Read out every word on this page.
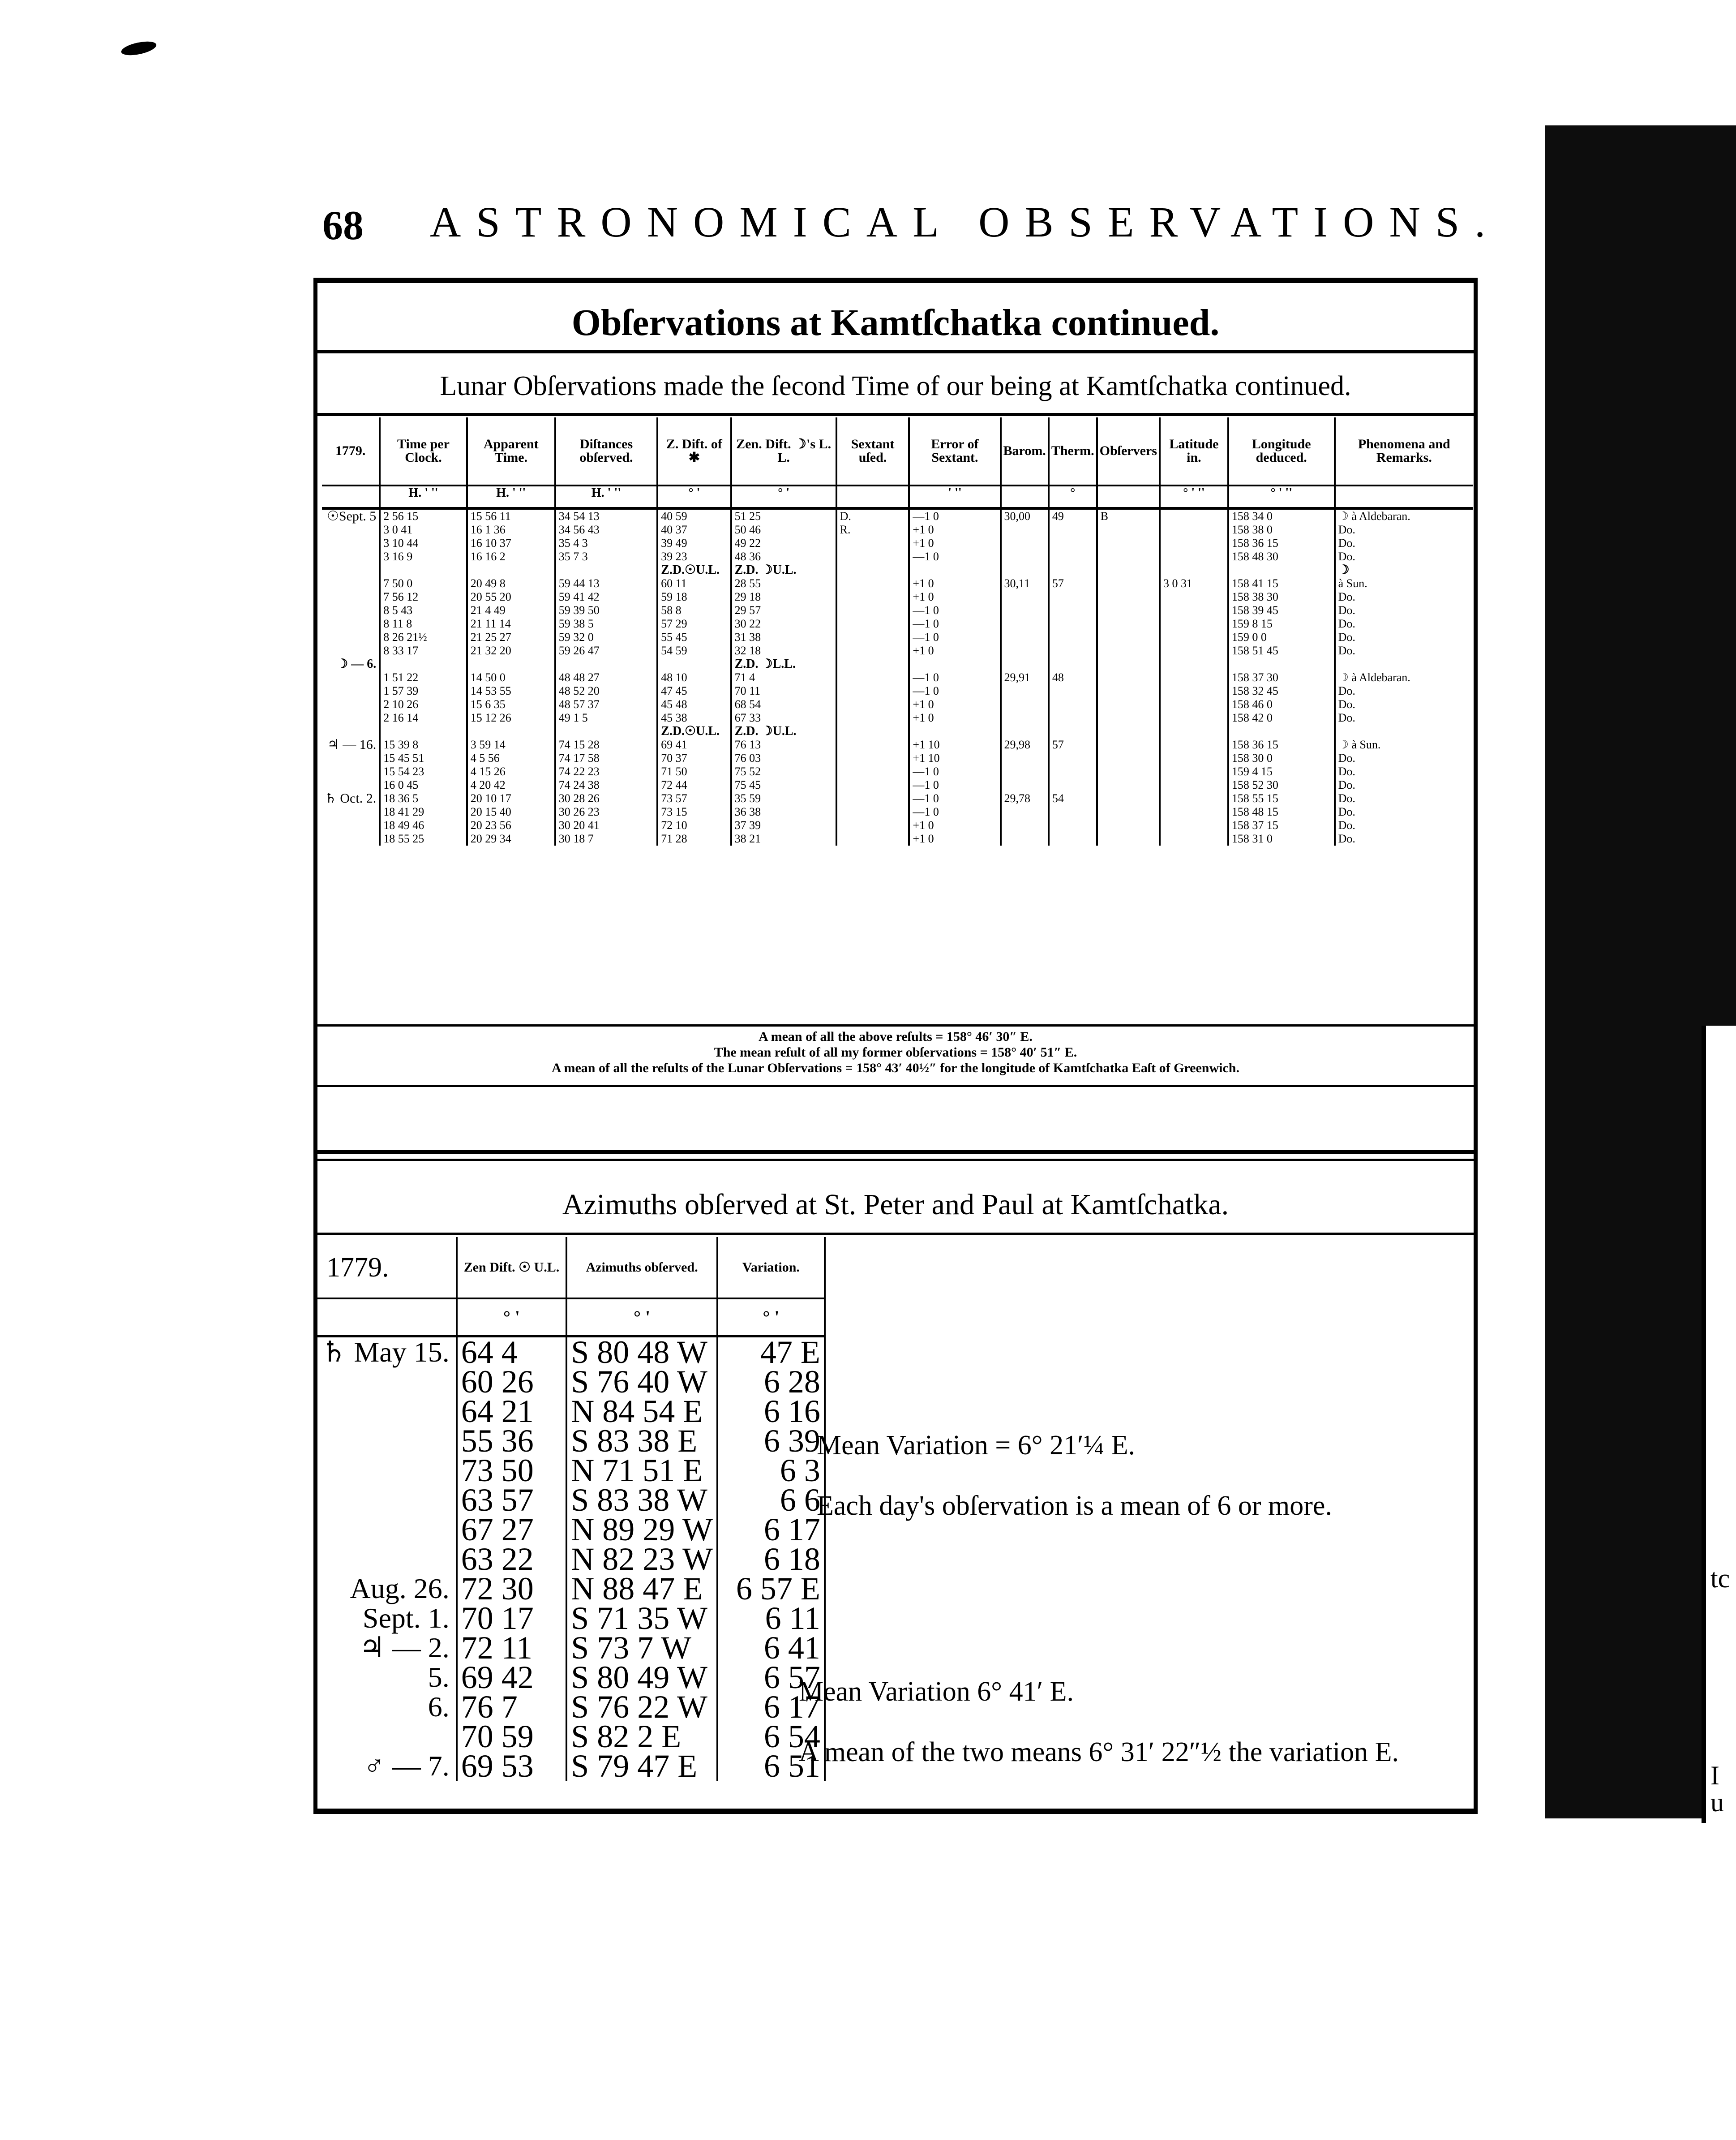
68 ASTRONOMICAL OBSERVATIONS.
tc
I
u
Obſervations at Kamtſchatka continued.
Lunar Obſervations made the ſecond Time of our being at Kamtſchatka continued.
1779.	Time per Clock.	Apparent Time.	Diſtances obſerved.	Z. Dift. of ✱	Zen. Dift. ☽'s L. L.	Sextant uſed.	Error of Sextant.	Barom.	Therm.	Obſervers	Latitude in.	Longitude deduced.	Phenomena and Remarks.
	H. ' ''	H. ' ''	H. ' ''	° '	° '		' ''		°		° ' ''	° ' ''	
☉Sept. 5	2 56 15	15 56 11	34 54 13	40 59	51 25	D.	—1 0	30,00	49	B		158 34 0	☽ à Aldebaran.
	3 0 41	16 1 36	34 56 43	40 37	50 46	R.	+1 0					158 38 0	Do.
	3 10 44	16 10 37	35 4 3	39 49	49 22		+1 0					158 36 15	Do.
	3 16 9	16 16 2	35 7 3	39 23	48 36		—1 0					158 48 30	Do.
				Z.D.☉U.L.	Z.D. ☽U.L.								☽
	7 50 0	20 49 8	59 44 13	60 11	28 55		+1 0	30,11	57		3 0 31	158 41 15	à Sun.
	7 56 12	20 55 20	59 41 42	59 18	29 18		+1 0					158 38 30	Do.
	8 5 43	21 4 49	59 39 50	58 8	29 57		—1 0					158 39 45	Do.
	8 11 8	21 11 14	59 38 5	57 29	30 22		—1 0					159 8 15	Do.
	8 26 21½	21 25 27	59 32 0	55 45	31 38		—1 0					159 0 0	Do.
	8 33 17	21 32 20	59 26 47	54 59	32 18		+1 0					158 51 45	Do.
☽ — 6.					Z.D. ☽L.L.								
	1 51 22	14 50 0	48 48 27	48 10	71 4		—1 0	29,91	48			158 37 30	☽ à Aldebaran.
	1 57 39	14 53 55	48 52 20	47 45	70 11		—1 0					158 32 45	Do.
	2 10 26	15 6 35	48 57 37	45 48	68 54		+1 0					158 46 0	Do.
	2 16 14	15 12 26	49 1 5	45 38	67 33		+1 0					158 42 0	Do.
				Z.D.☉U.L.	Z.D. ☽U.L.								
♃ — 16.	15 39 8	3 59 14	74 15 28	69 41	76 13		+1 10	29,98	57			158 36 15	☽ à Sun.
	15 45 51	4 5 56	74 17 58	70 37	76 03		+1 10					158 30 0	Do.
	15 54 23	4 15 26	74 22 23	71 50	75 52		—1 0					159 4 15	Do.
	16 0 45	4 20 42	74 24 38	72 44	75 45		—1 0					158 52 30	Do.
♄ Oct. 2.	18 36 5	20 10 17	30 28 26	73 57	35 59		—1 0	29,78	54			158 55 15	Do.
	18 41 29	20 15 40	30 26 23	73 15	36 38		—1 0					158 48 15	Do.
	18 49 46	20 23 56	30 20 41	72 10	37 39		+1 0					158 37 15	Do.
	18 55 25	20 29 34	30 18 7	71 28	38 21		+1 0					158 31 0	Do.
A mean of all the above reſults = 158° 46′ 30″ E.
The mean reſult of all my former obſervations = 158° 40′ 51″ E.
A mean of all the reſults of the Lunar Obſervations = 158° 43′ 40½″ for the longitude of Kamtſchatka Eaſt of Greenwich.
Azimuths obſerved at St. Peter and Paul at Kamtſchatka.
1779.	Zen Dift. ☉ U.L.	Azimuths obſerved.	Variation.
	° '	° '	° '
♄ May 15.	64 4	S 80 48 W	47 E
	60 26	S 76 40 W	6 28
	64 21	N 84 54 E	6 16
	55 36	S 83 38 E	6 39
	73 50	N 71 51 E	6 3
	63 57	S 83 38 W	6 6
	67 27	N 89 29 W	6 17
	63 22	N 82 23 W	6 18
Aug. 26.	72 30	N 88 47 E	6 57 E
Sept. 1.	70 17	S 71 35 W	6 11
♃ — 2.	72 11	S 73 7 W	6 41
5.	69 42	S 80 49 W	6 57
6.	76 7	S 76 22 W	6 17
	70 59	S 82 2 E	6 54
♂ — 7.	69 53	S 79 47 E	6 51
Mean Variation = 6° 21′¼ E.
Each day's obſervation is a mean of 6 or more.
Mean Variation 6° 41′ E.
A mean of the two means 6° 31′ 22″½ the variation E.
